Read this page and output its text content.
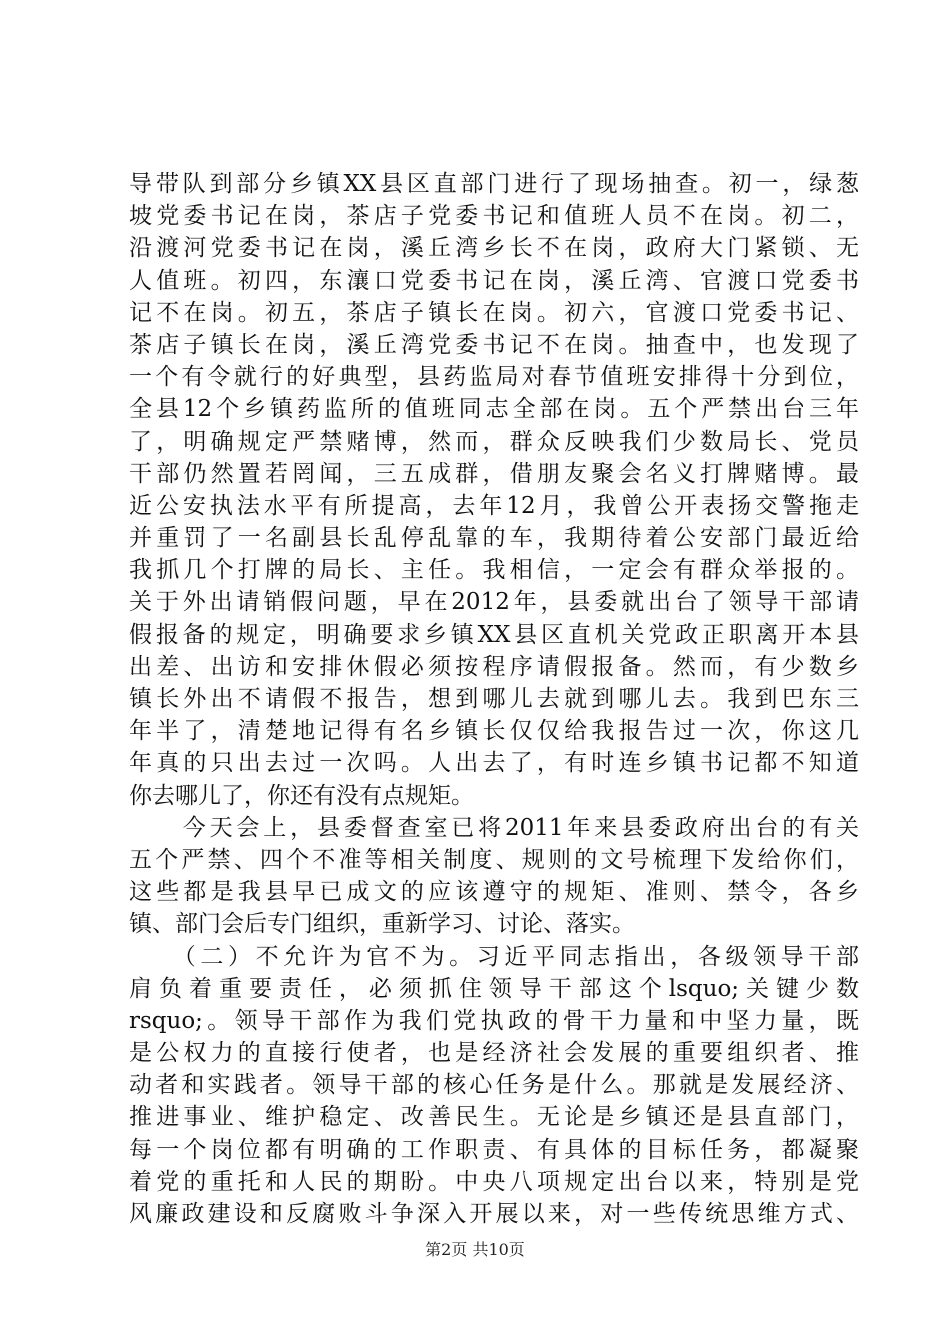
导带队到部分乡镇XX县区直部门进行了现场抽查。初一，绿葱
坡党委书记在岗，茶店子党委书记和值班人员不在岗。初二，
沿渡河党委书记在岗，溪丘湾乡长不在岗，政府大门紧锁、无
人值班。初四，东瀼口党委书记在岗，溪丘湾、官渡口党委书
记不在岗。初五，茶店子镇长在岗。初六，官渡口党委书记、
茶店子镇长在岗，溪丘湾党委书记不在岗。抽查中，也发现了
一个有令就行的好典型，县药监局对春节值班安排得十分到位，
全县12个乡镇药监所的值班同志全部在岗。五个严禁出台三年
了，明确规定严禁赌博，然而，群众反映我们少数局长、党员
干部仍然置若罔闻，三五成群，借朋友聚会名义打牌赌博。最
近公安执法水平有所提高，去年12月，我曾公开表扬交警拖走
并重罚了一名副县长乱停乱靠的车，我期待着公安部门最近给
我抓几个打牌的局长、主任。我相信，一定会有群众举报的。
关于外出请销假问题，早在2012年，县委就出台了领导干部请
假报备的规定，明确要求乡镇XX县区直机关党政正职离开本县
出差、出访和安排休假必须按程序请假报备。然而，有少数乡
镇长外出不请假不报告，想到哪儿去就到哪儿去。我到巴东三
年半了，清楚地记得有名乡镇长仅仅给我报告过一次，你这几
年真的只出去过一次吗。人出去了，有时连乡镇书记都不知道
你去哪儿了，你还有没有点规矩。
　　今天会上，县委督查室已将2011年来县委政府出台的有关
五个严禁、四个不准等相关制度、规则的文号梳理下发给你们，
这些都是我县早已成文的应该遵守的规矩、准则、禁令，各乡
镇、部门会后专门组织，重新学习、讨论、落实。
　　（二）不允许为官不为。习近平同志指出，各级领导干部
肩负着重要责任，必须抓住领导干部这个lsquo;关键少数
rsquo;。领导干部作为我们党执政的骨干力量和中坚力量，既
是公权力的直接行使者，也是经济社会发展的重要组织者、推
动者和实践者。领导干部的核心任务是什么。那就是发展经济、
推进事业、维护稳定、改善民生。无论是乡镇还是县直部门，
每一个岗位都有明确的工作职责、有具体的目标任务，都凝聚
着党的重托和人民的期盼。中央八项规定出台以来，特别是党
风廉政建设和反腐败斗争深入开展以来，对一些传统思维方式、
第2页 共10页
